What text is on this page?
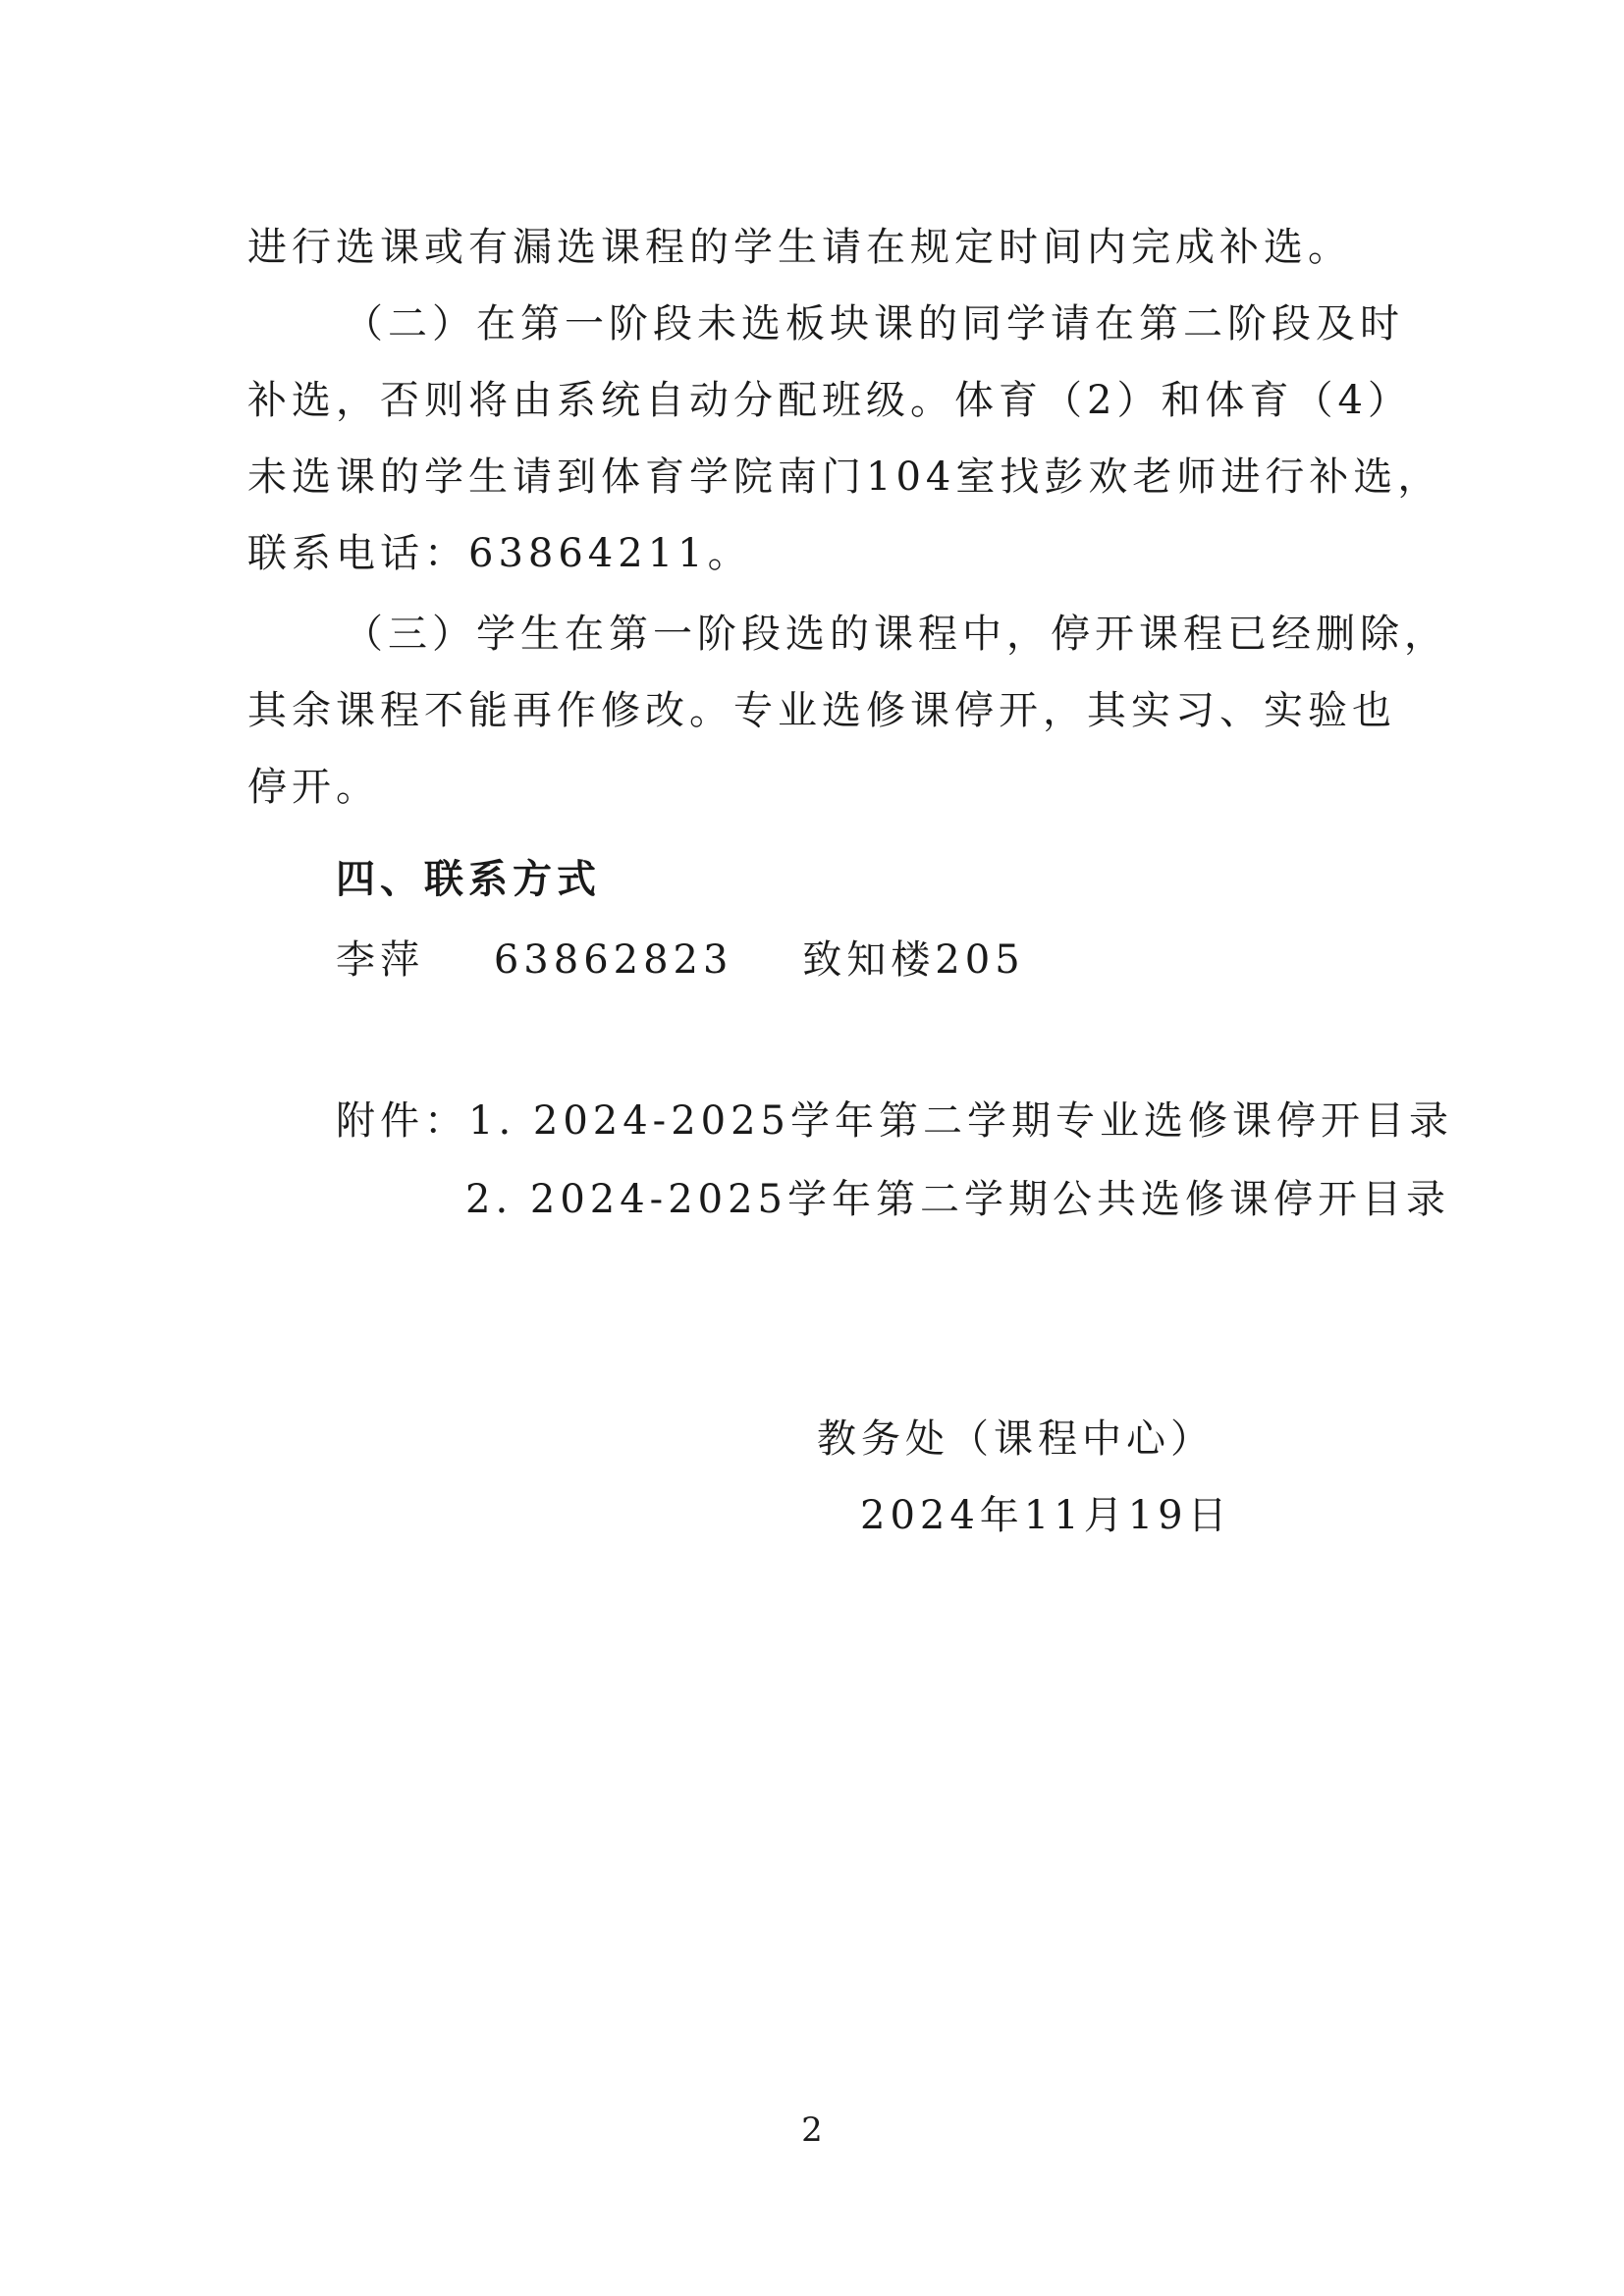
进行选课或有漏选课程的学生请在规定时间内完成补选。
（二）在第一阶段未选板块课的同学请在第二阶段及时
补选，否则将由系统自动分配班级。体育（2）和体育（4）
未选课的学生请到体育学院南门104室找彭欢老师进行补选，
联系电话：63864211。
（三）学生在第一阶段选的课程中，停开课程已经删除，
其余课程不能再作修改。专业选修课停开，其实习、实验也
停开。
四、联系方式
李萍    63862823    致知楼205
附件：1. 2024-2025学年第二学期专业选修课停开目录
2. 2024-2025学年第二学期公共选修课停开目录
教务处（课程中心）
2024年11月19日
2
